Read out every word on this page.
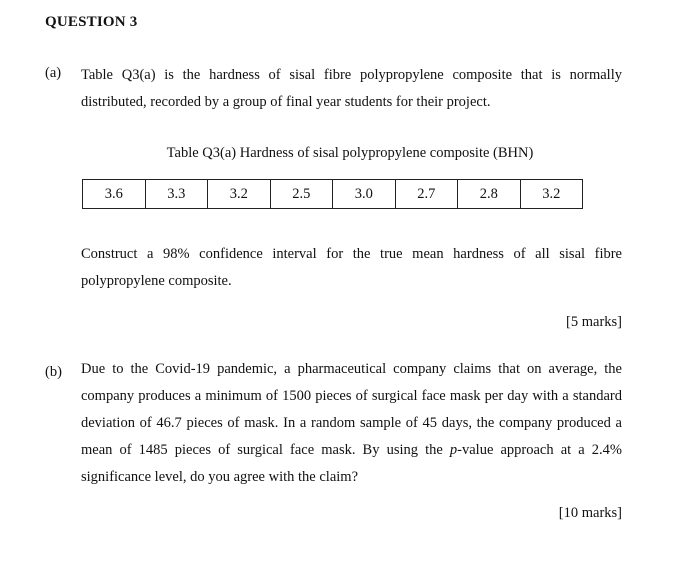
QUESTION 3
(a) Table Q3(a) is the hardness of sisal fibre polypropylene composite that is normally distributed, recorded by a group of final year students for their project.
Table Q3(a) Hardness of sisal polypropylene composite (BHN)
3.6	3.3	3.2	2.5	3.0	2.7	2.8	3.2
Construct a 98% confidence interval for the true mean hardness of all sisal fibre polypropylene composite.
[5 marks]
(b) Due to the Covid-19 pandemic, a pharmaceutical company claims that on average, the company produces a minimum of 1500 pieces of surgical face mask per day with a standard deviation of 46.7 pieces of mask. In a random sample of 45 days, the company produced a mean of 1485 pieces of surgical face mask. By using the p-value approach at a 2.4% significance level, do you agree with the claim?
[10 marks]
